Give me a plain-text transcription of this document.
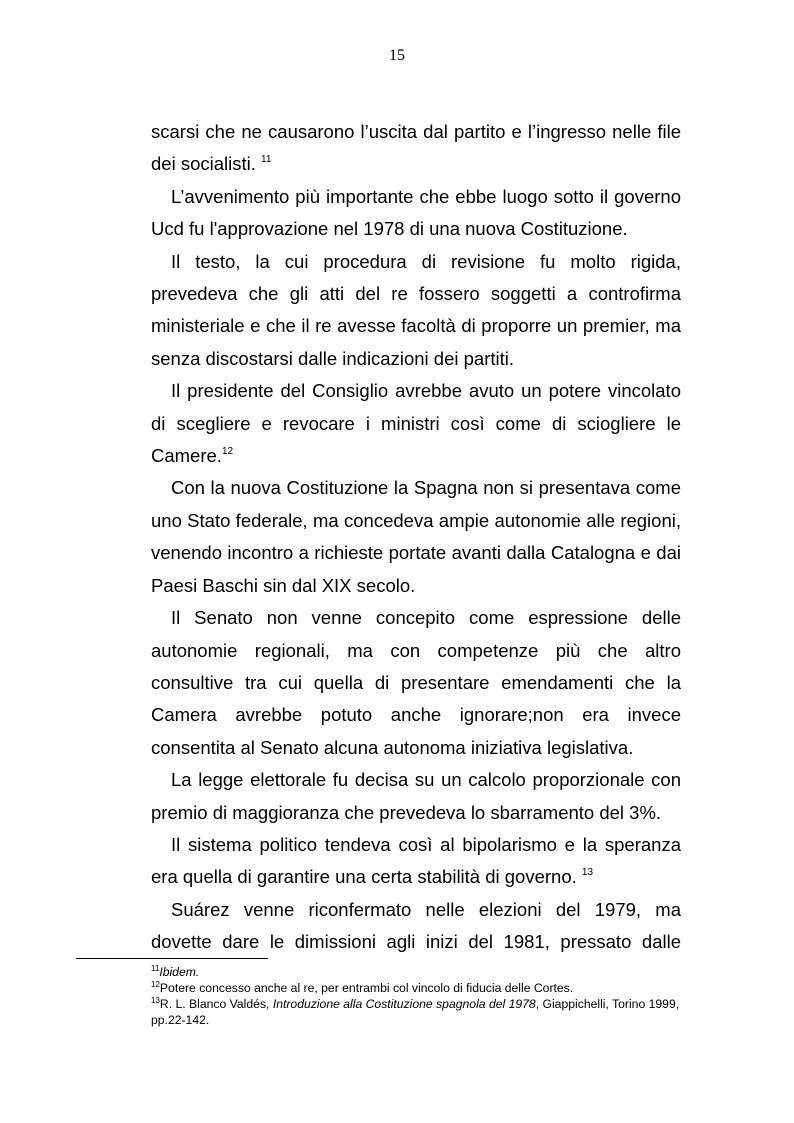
15

scarsi che ne causarono l’uscita dal partito e l’ingresso nelle file dei socialisti. $^{11}$

L’avvenimento più importante che ebbe luogo sotto il governo Ucd fu l'approvazione nel 1978 di una nuova Costituzione.

Il testo, la cui procedura di revisione fu molto rigida, prevedeva che gli atti del re fossero soggetti a controfirma ministeriale e che il re avesse facoltà di proporre un premier, ma senza discostarsi dalle indicazioni dei partiti.

Il presidente del Consiglio avrebbe avuto un potere vincolato di scegliere e revocare i ministri così come di sciogliere le Camere.$^{12}$

Con la nuova Costituzione la Spagna non si presentava come uno Stato federale, ma concedeva ampie autonomie alle regioni, venendo incontro a richieste portate avanti dalla Catalogna e dai Paesi Baschi sin dal XIX secolo.

Il Senato non venne concepito come espressione delle autonomie regionali, ma con competenze più che altro consultive tra cui quella di presentare emendamenti che la Camera avrebbe potuto anche ignorare;non era invece consentita al Senato alcuna autonoma iniziativa legislativa.

La legge elettorale fu decisa su un calcolo proporzionale con premio di maggioranza che prevedeva lo sbarramento del 3%.

Il sistema politico tendeva così al bipolarismo e la speranza era quella di garantire una certa stabilità di governo. $^{13}$

Suárez venne riconfermato nelle elezioni del 1979, ma dovette dare le dimissioni agli inizi del 1981, pressato dalle

$^{11}$Ibidem.

$^{12}$Potere concesso anche al re, per entrambi col vincolo di fiducia delle Cortes.

$^{13}$R. L. Blanco Valdés, Introduzione alla Costituzione spagnola del 1978, Giappichelli, Torino 1999, pp.22-142.
